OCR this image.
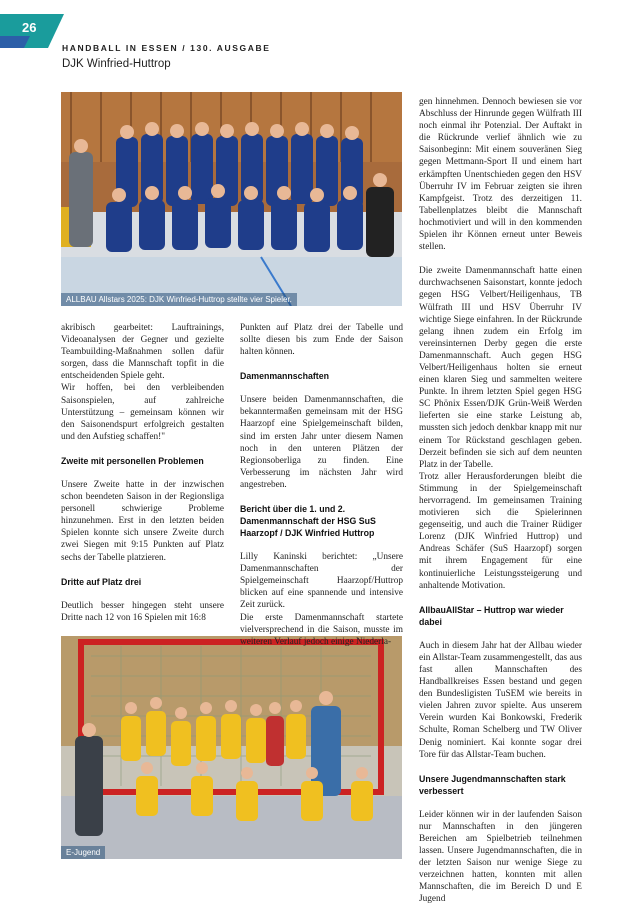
26
HANDBALL IN ESSEN / 130. AUSGABE
DJK Winfried-Huttrop
ALLBAU Allstars 2025: DJK Winfried-Huttrop stellte vier Spieler.
E-Jugend

akribisch gearbeitet: Lauftrainings, Videoanalysen der Gegner und gezielte Teambuilding-Maßnahmen sollen dafür sorgen, dass die Mannschaft topfit in die entscheidenden Spiele geht.

Wir hoffen, bei den verbleibenden Saisonspielen, auf zahlreiche Unterstützung – gemeinsam können wir den Saisonendspurt erfolgreich gestalten und den Aufstieg schaffen!"

Zweite mit personellen Problemen

Unsere Zweite hatte in der inzwischen schon beendeten Saison in der Regionsliga personell schwierige Probleme hinzunehmen. Erst in den letzten beiden Spielen konnte sich unsere Zweite durch zwei Siegen mit 9:15 Punkten auf Platz sechs der Tabelle platzieren.

Dritte auf Platz drei

Deutlich besser hingegen steht unsere Dritte nach 12 von 16 Spielen mit 16:8

Punkten auf Platz drei der Tabelle und sollte diesen bis zum Ende der Saison halten können.

Damenmannschaften

Unsere beiden Damenmannschaften, die bekanntermaßen gemeinsam mit der HSG Haarzopf eine Spielgemeinschaft bilden, sind im ersten Jahr unter diesem Namen noch in den unteren Plätzen der Regionsoberliga zu finden. Eine Verbesserung im nächsten Jahr wird angestreben.

Bericht über die 1. und 2. Damenmannschaft der HSG SuS Haarzopf / DJK Winfried Huttrop

Lilly Kaninski berichtet: „Unsere Damenmannschaften der Spielgemeinschaft Haarzopf/Huttrop blicken auf eine spannende und intensive Zeit zurück.

Die erste Damenmannschaft startete vielversprechend in die Saison, musste im weiteren Verlauf jedoch einige Niederla-

gen hinnehmen. Dennoch bewiesen sie vor Abschluss der Hinrunde gegen Wülfrath III noch einmal ihr Potenzial. Der Auftakt in die Rückrunde verlief ähnlich wie zu Saisonbeginn: Mit einem souveränen Sieg gegen Mettmann-Sport II und einem hart erkämpften Unentschieden gegen den HSV Überruhr IV im Februar zeigten sie ihren Kampfgeist. Trotz des derzeitigen 11. Tabellenplatzes bleibt die Mannschaft hochmotiviert und will in den kommenden Spielen ihr Können erneut unter Beweis stellen.

Die zweite Damenmannschaft hatte einen durchwachsenen Saisonstart, konnte jedoch gegen HSG Velbert/Heiligenhaus, TB Wülfrath III und HSV Überruhr IV wichtige Siege einfahren. In der Rückrunde gelang ihnen zudem ein Erfolg im vereinsinternen Derby gegen die erste Damenmannschaft. Auch gegen HSG Velbert/Heiligenhaus holten sie erneut einen klaren Sieg und sammelten weitere Punkte. In ihrem letzten Spiel gegen HSG SC Phönix Essen/DJK Grün-Weiß Werden lieferten sie eine starke Leistung ab, mussten sich jedoch denkbar knapp mit nur einem Tor Rückstand geschlagen geben. Derzeit befinden sie sich auf dem neunten Platz in der Tabelle.

Trotz aller Herausforderungen bleibt die Stimmung in der Spielgemeinschaft hervorragend. Im gemeinsamen Training motivieren sich die Spielerinnen gegenseitig, und auch die Trainer Rüdiger Lorenz (DJK Winfried Huttrop) und Andreas Schäfer (SuS Haarzopf) sorgen mit ihrem Engagement für eine kontinuierliche Leistungssteigerung und anhaltende Motivation.

AllbauAllStar – Huttrop war wieder dabei

Auch in diesem Jahr hat der Allbau wieder ein Allstar-Team zusammengestellt, das aus fast allen Mannschaften des Handballkreises Essen bestand und gegen den Bundesligisten TuSEM wie bereits in vielen Jahren zuvor spielte. Aus unserem Verein wurden Kai Bonkowski, Frederik Schulte, Roman Schelberg und TW Oliver Denig nominiert. Kai konnte sogar drei Tore für das Allstar-Team buchen.

Unsere Jugendmannschaften stark verbessert

Leider können wir in der laufenden Saison nur Mannschaften in den jüngeren Bereichen am Spielbetrieb teilnehmen lassen. Unsere Jugendmannschaften, die in der letzten Saison nur wenige Siege zu verzeichnen hatten, konnten mit allen Mannschaften, die im Bereich D und E Jugend
